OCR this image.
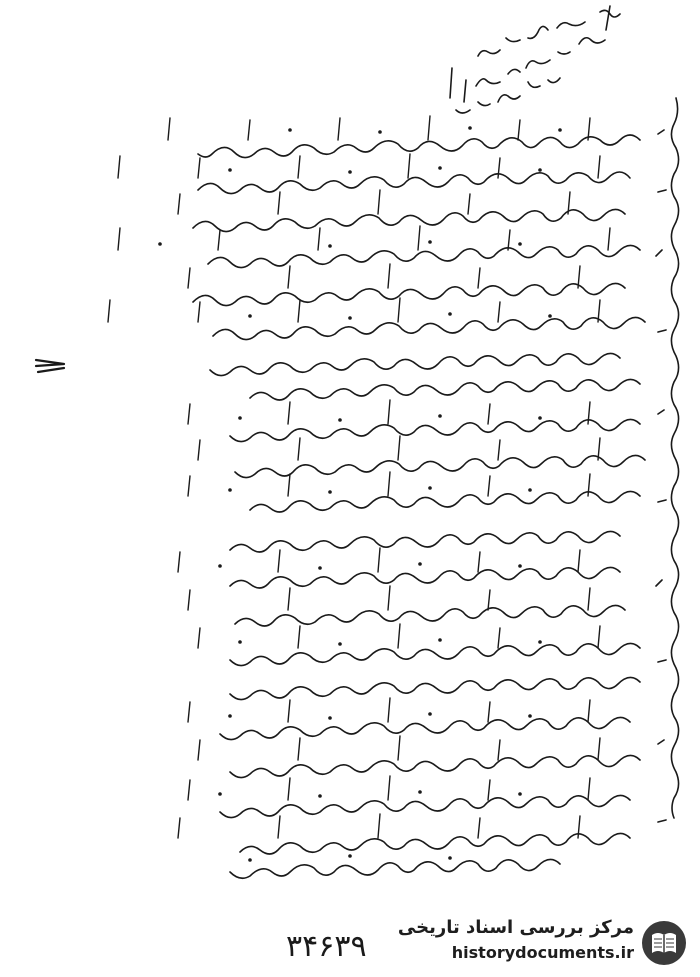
۳۴۶۳۹
مرکز بررسی اسناد تاریخی
historydocuments.ir
